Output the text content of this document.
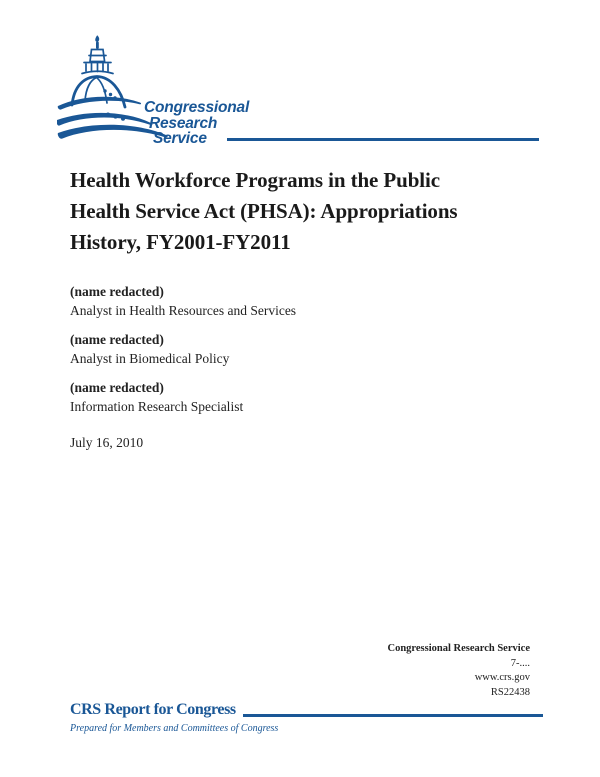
Congressional
Research
Service
Health Workforce Programs in the Public
Health Service Act (PHSA): Appropriations
History, FY2001-FY2011
(name redacted)
Analyst in Health Resources and Services
(name redacted)
Analyst in Biomedical Policy
(name redacted)
Information Research Specialist
July 16, 2010
Congressional Research Service
7-....
www.crs.gov
RS22438
CRS Report for Congress
Prepared for Members and Committees of Congress
